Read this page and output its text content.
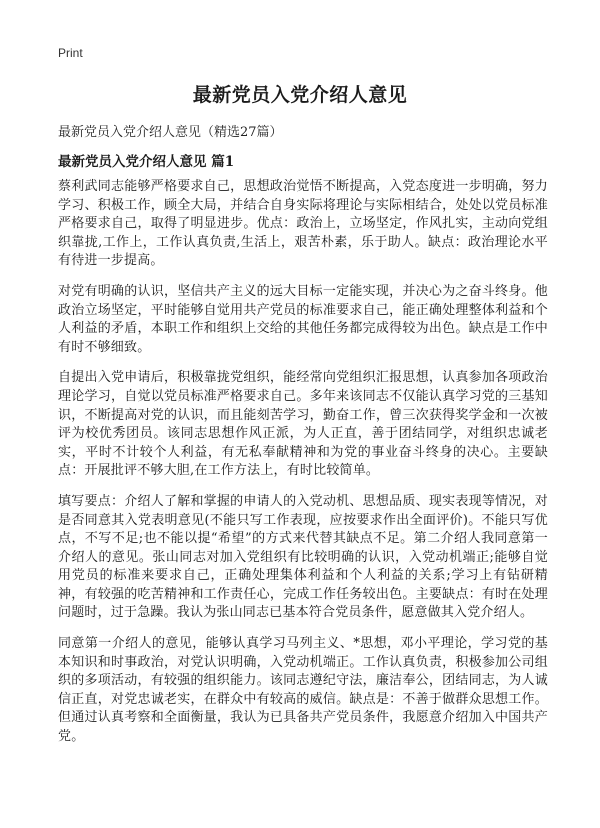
Print

最新党员入党介绍人意见

最新党员入党介绍人意见（精选27篇）

最新党员入党介绍人意见 篇1

蔡利武同志能够严格要求自己，思想政治觉悟不断提高，入党态度进一步明确，努力学习、积极工作，顾全大局，并结合自身实际将理论与实际相结合，处处以党员标准严格要求自己，取得了明显进步。优点：政治上，立场坚定，作风扎实，主动向党组织靠拢,工作上，工作认真负责,生活上，艰苦朴素，乐于助人。缺点：政治理论水平有待进一步提高。

对党有明确的认识，坚信共产主义的远大目标一定能实现，并决心为之奋斗终身。他政治立场坚定，平时能够自觉用共产党员的标准要求自己，能正确处理整体利益和个人利益的矛盾，本职工作和组织上交给的其他任务都完成得较为出色。缺点是工作中有时不够细致。

自提出入党申请后，积极靠拢党组织，能经常向党组织汇报思想，认真参加各项政治理论学习，自觉以党员标准严格要求自己。多年来该同志不仅能认真学习党的三基知识，不断提高对党的认识，而且能刻苦学习，勤奋工作，曾三次获得奖学金和一次被评为校优秀团员。该同志思想作风正派，为人正直，善于团结同学，对组织忠诚老实，平时不计较个人利益，有无私奉献精神和为党的事业奋斗终身的决心。主要缺点：开展批评不够大胆,在工作方法上，有时比较简单。

填写要点：介绍人了解和掌握的申请人的入党动机、思想品质、现实表现等情况，对是否同意其入党表明意见(不能只写工作表现，应按要求作出全面评价)。不能只写优点，不写不足;也不能以提“希望”的方式来代替其缺点不足。第二介绍人我同意第一介绍人的意见。张山同志对加入党组织有比较明确的认识，入党动机端正;能够自觉用党员的标准来要求自己，正确处理集体利益和个人利益的关系;学习上有钻研精神，有较强的吃苦精神和工作责任心，完成工作任务较出色。主要缺点：有时在处理问题时，过于急躁。我认为张山同志已基本符合党员条件，愿意做其入党介绍人。

同意第一介绍人的意见，能够认真学习马列主义、*思想，邓小平理论，学习党的基本知识和时事政治，对党认识明确，入党动机端正。工作认真负责，积极参加公司组织的多项活动，有较强的组织能力。该同志遵纪守法，廉洁奉公，团结同志，为人诚信正直，对党忠诚老实，在群众中有较高的威信。缺点是：不善于做群众思想工作。但通过认真考察和全面衡量，我认为已具备共产党员条件，我愿意介绍加入中国共产党。
